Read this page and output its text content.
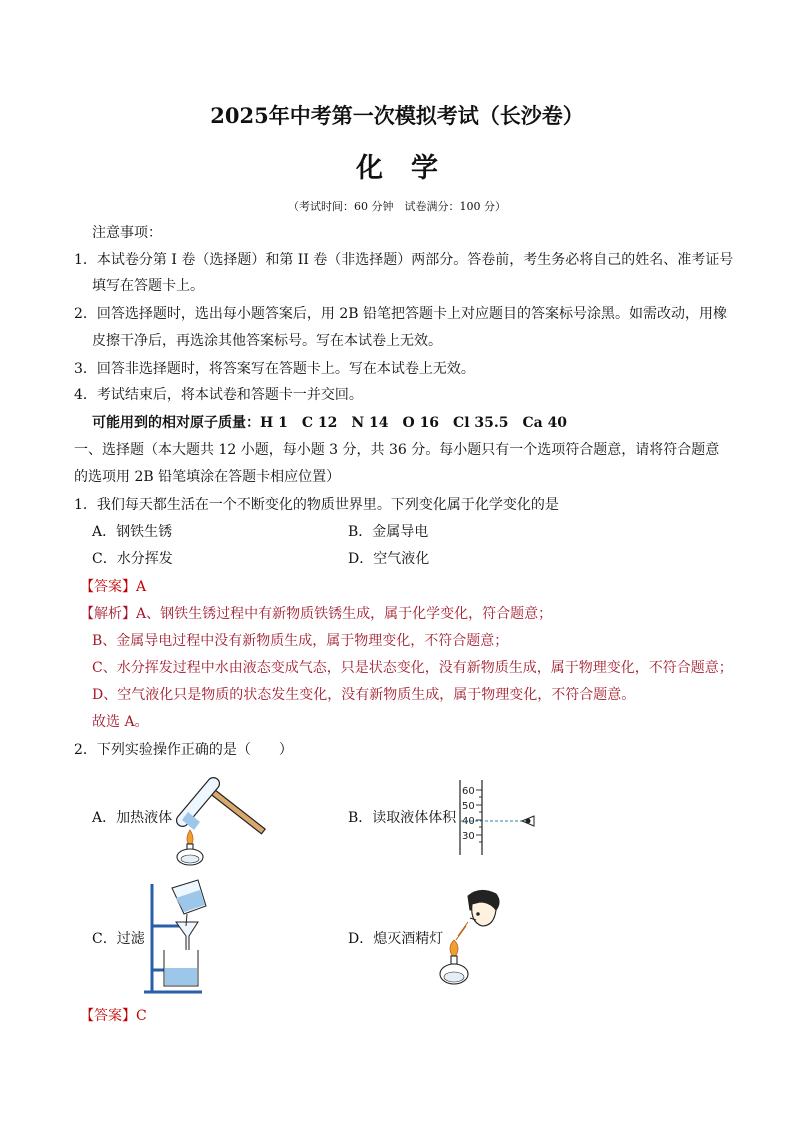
2025年中考第一次模拟考试（长沙卷）
化学
（考试时间：60 分钟　试卷满分：100 分）
注意事项：
1．本试卷分第 I 卷（选择题）和第 II 卷（非选择题）两部分。答卷前，考生务必将自己的姓名、准考证号
填写在答题卡上。
2．回答选择题时，选出每小题答案后，用 2B 铅笔把答题卡上对应题目的答案标号涂黑。如需改动，用橡
皮擦干净后，再选涂其他答案标号。写在本试卷上无效。
3．回答非选择题时，将答案写在答题卡上。写在本试卷上无效。
4．考试结束后，将本试卷和答题卡一并交回。
可能用到的相对原子质量：H 1　C 12　N 14　O 16　Cl 35.5　Ca 40
一、选择题（本大题共 12 小题，每小题 3 分，共 36 分。每小题只有一个选项符合题意，请将符合题意
的选项用 2B 铅笔填涂在答题卡相应位置）
1．我们每天都生活在一个不断变化的物质世界里。下列变化属于化学变化的是
A．钢铁生锈	B．金属导电
C．水分挥发	D．空气液化
【答案】A
【解析】A、钢铁生锈过程中有新物质铁锈生成，属于化学变化，符合题意；
B、金属导电过程中没有新物质生成，属于物理变化，不符合题意；
C、水分挥发过程中水由液态变成气态，只是状态变化，没有新物质生成，属于物理变化，不符合题意；
D、空气液化只是物质的状态发生变化，没有新物质生成，属于物理变化，不符合题意。
故选 A。
2．下列实验操作正确的是（　　）
A．加热液体	B．读取液体体积
60
50
40
30
C．过滤	D．熄灭酒精灯
【答案】C
